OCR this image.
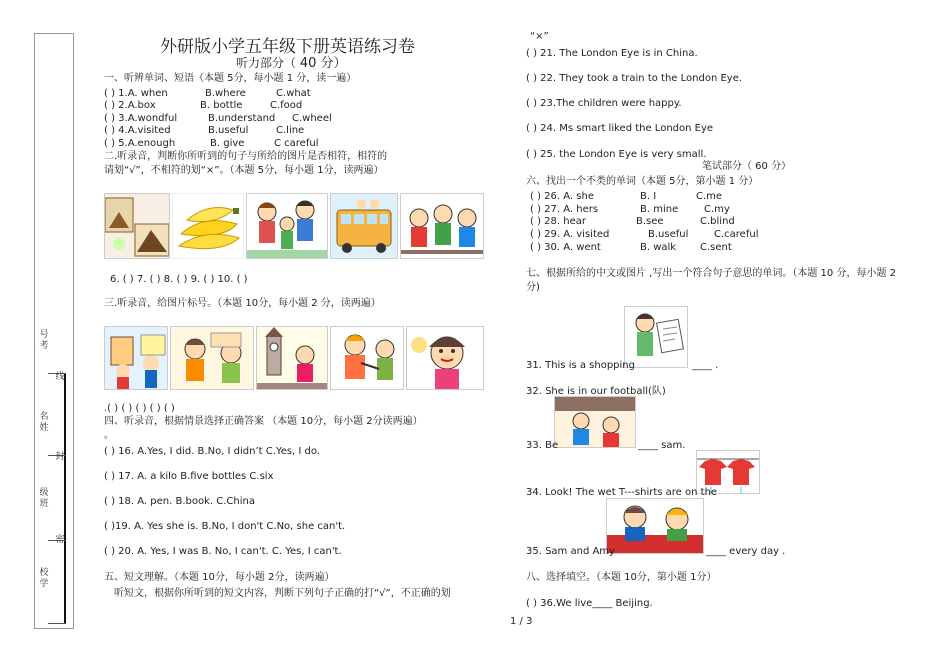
号考
线
名姓
封
级班
密
校学
外研版小学五年级下册英语练习卷
听力部分（ 40 分）
一、听辨单词、短语（本题 5分，每小题 1 分，读一遍）
( ) 1.A. when	B.where	C.what
( ) 2.A.box	B. bottle	C.food
( ) 3.A.wondful	B.understand C.wheel
( ) 4.A.visited	B.useful	C.line
( ) 5.A.enough	B. give	C careful
二.听录音，判断你所听到的句子与所给的图片是否相符，相符的
请划“√”，不相符的划“×”。（本题 5分，每小题 1分，读两遍）
6. ( ) 7. ( ) 8. ( ) 9. ( ) 10. ( )
三.听录音，给图片标号。（本题 10分，每小题 2 分，读两遍）
.( ) ( ) ( ) ( ) ( )
四、听录音，根据情景选择正确答案 （本题 10分，每小题 2分读两遍）
。
( ) 16. A.Yes, I did. B.No, I didn’t C.Yes, I do.
( ) 17. A. a kilo B.five bottles C.six
( ) 18. A. pen. B.book. C.China
( )19. A. Yes she is. B.No, I don't C.No, she can't.
( ) 20. A. Yes, I was B. No, I can't. C. Yes, I can't.
五、短文理解。（本题 10分，每小题 2分，读两遍）
听短文，根据你所听到的短文内容，判断下列句子正确的打“√”，不正确的划
“×”
( ) 21. The London Eye is in China.
( ) 22. They took a train to the London Eye.
( ) 23.The children were happy.
( ) 24. Ms smart liked the London Eye
( ) 25. the London Eye is very small.
笔试部分（ 60 分）
六、找出一个不类的单词（本题 5分，第小题 1 分）
( ) 26. A. she	B. I	C.me
( ) 27. A. hers	B. mine	C.my
( ) 28. hear	B.see	C.blind
( ) 29. A. visited	B.useful	C.careful
( ) 30. A. went	B. walk C.sent
七、根据所给的中文或图片 ,写出一个符合句子意思的单词。（本题 10 分，每小题 2
分)
31. This is a shopping	____ .
32. She is in our football(队)
33. Be	____ sam.
34. Look! The wet T---shirts are on the
35. Sam and Amy	____ every day .
八、选择填空。（本题 10分，第小题 1分）
( ) 36.We live____ Beijing.
1 / 3
